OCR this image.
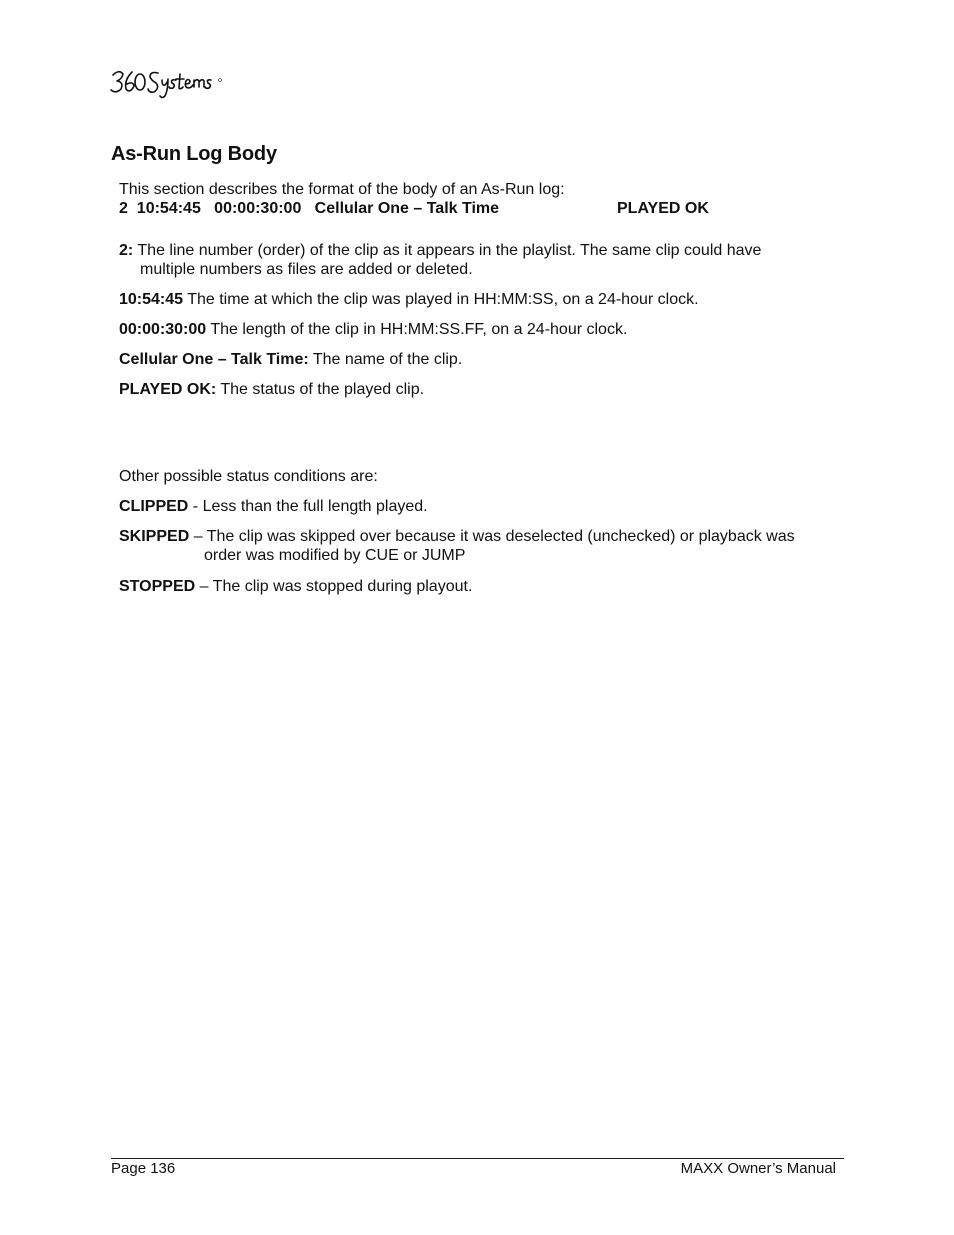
As-Run Log Body

This section describes the format of the body of an As-Run log:

2  10:54:45   00:00:30:00   Cellular One – Talk Time	PLAYED OK

2: The line number (order) of the clip as it appears in the playlist. The same clip could have
multiple numbers as files are added or deleted.

10:54:45 The time at which the clip was played in HH:MM:SS, on a 24-hour clock.

00:00:30:00 The length of the clip in HH:MM:SS.FF, on a 24-hour clock.

Cellular One – Talk Time: The name of the clip.

PLAYED OK: The status of the played clip.

Other possible status conditions are:

CLIPPED - Less than the full length played.

SKIPPED – The clip was skipped over because it was deselected (unchecked) or playback was
order was modified by CUE or JUMP

STOPPED – The clip was stopped during playout.

Page 136	MAXX Owner’s Manual
